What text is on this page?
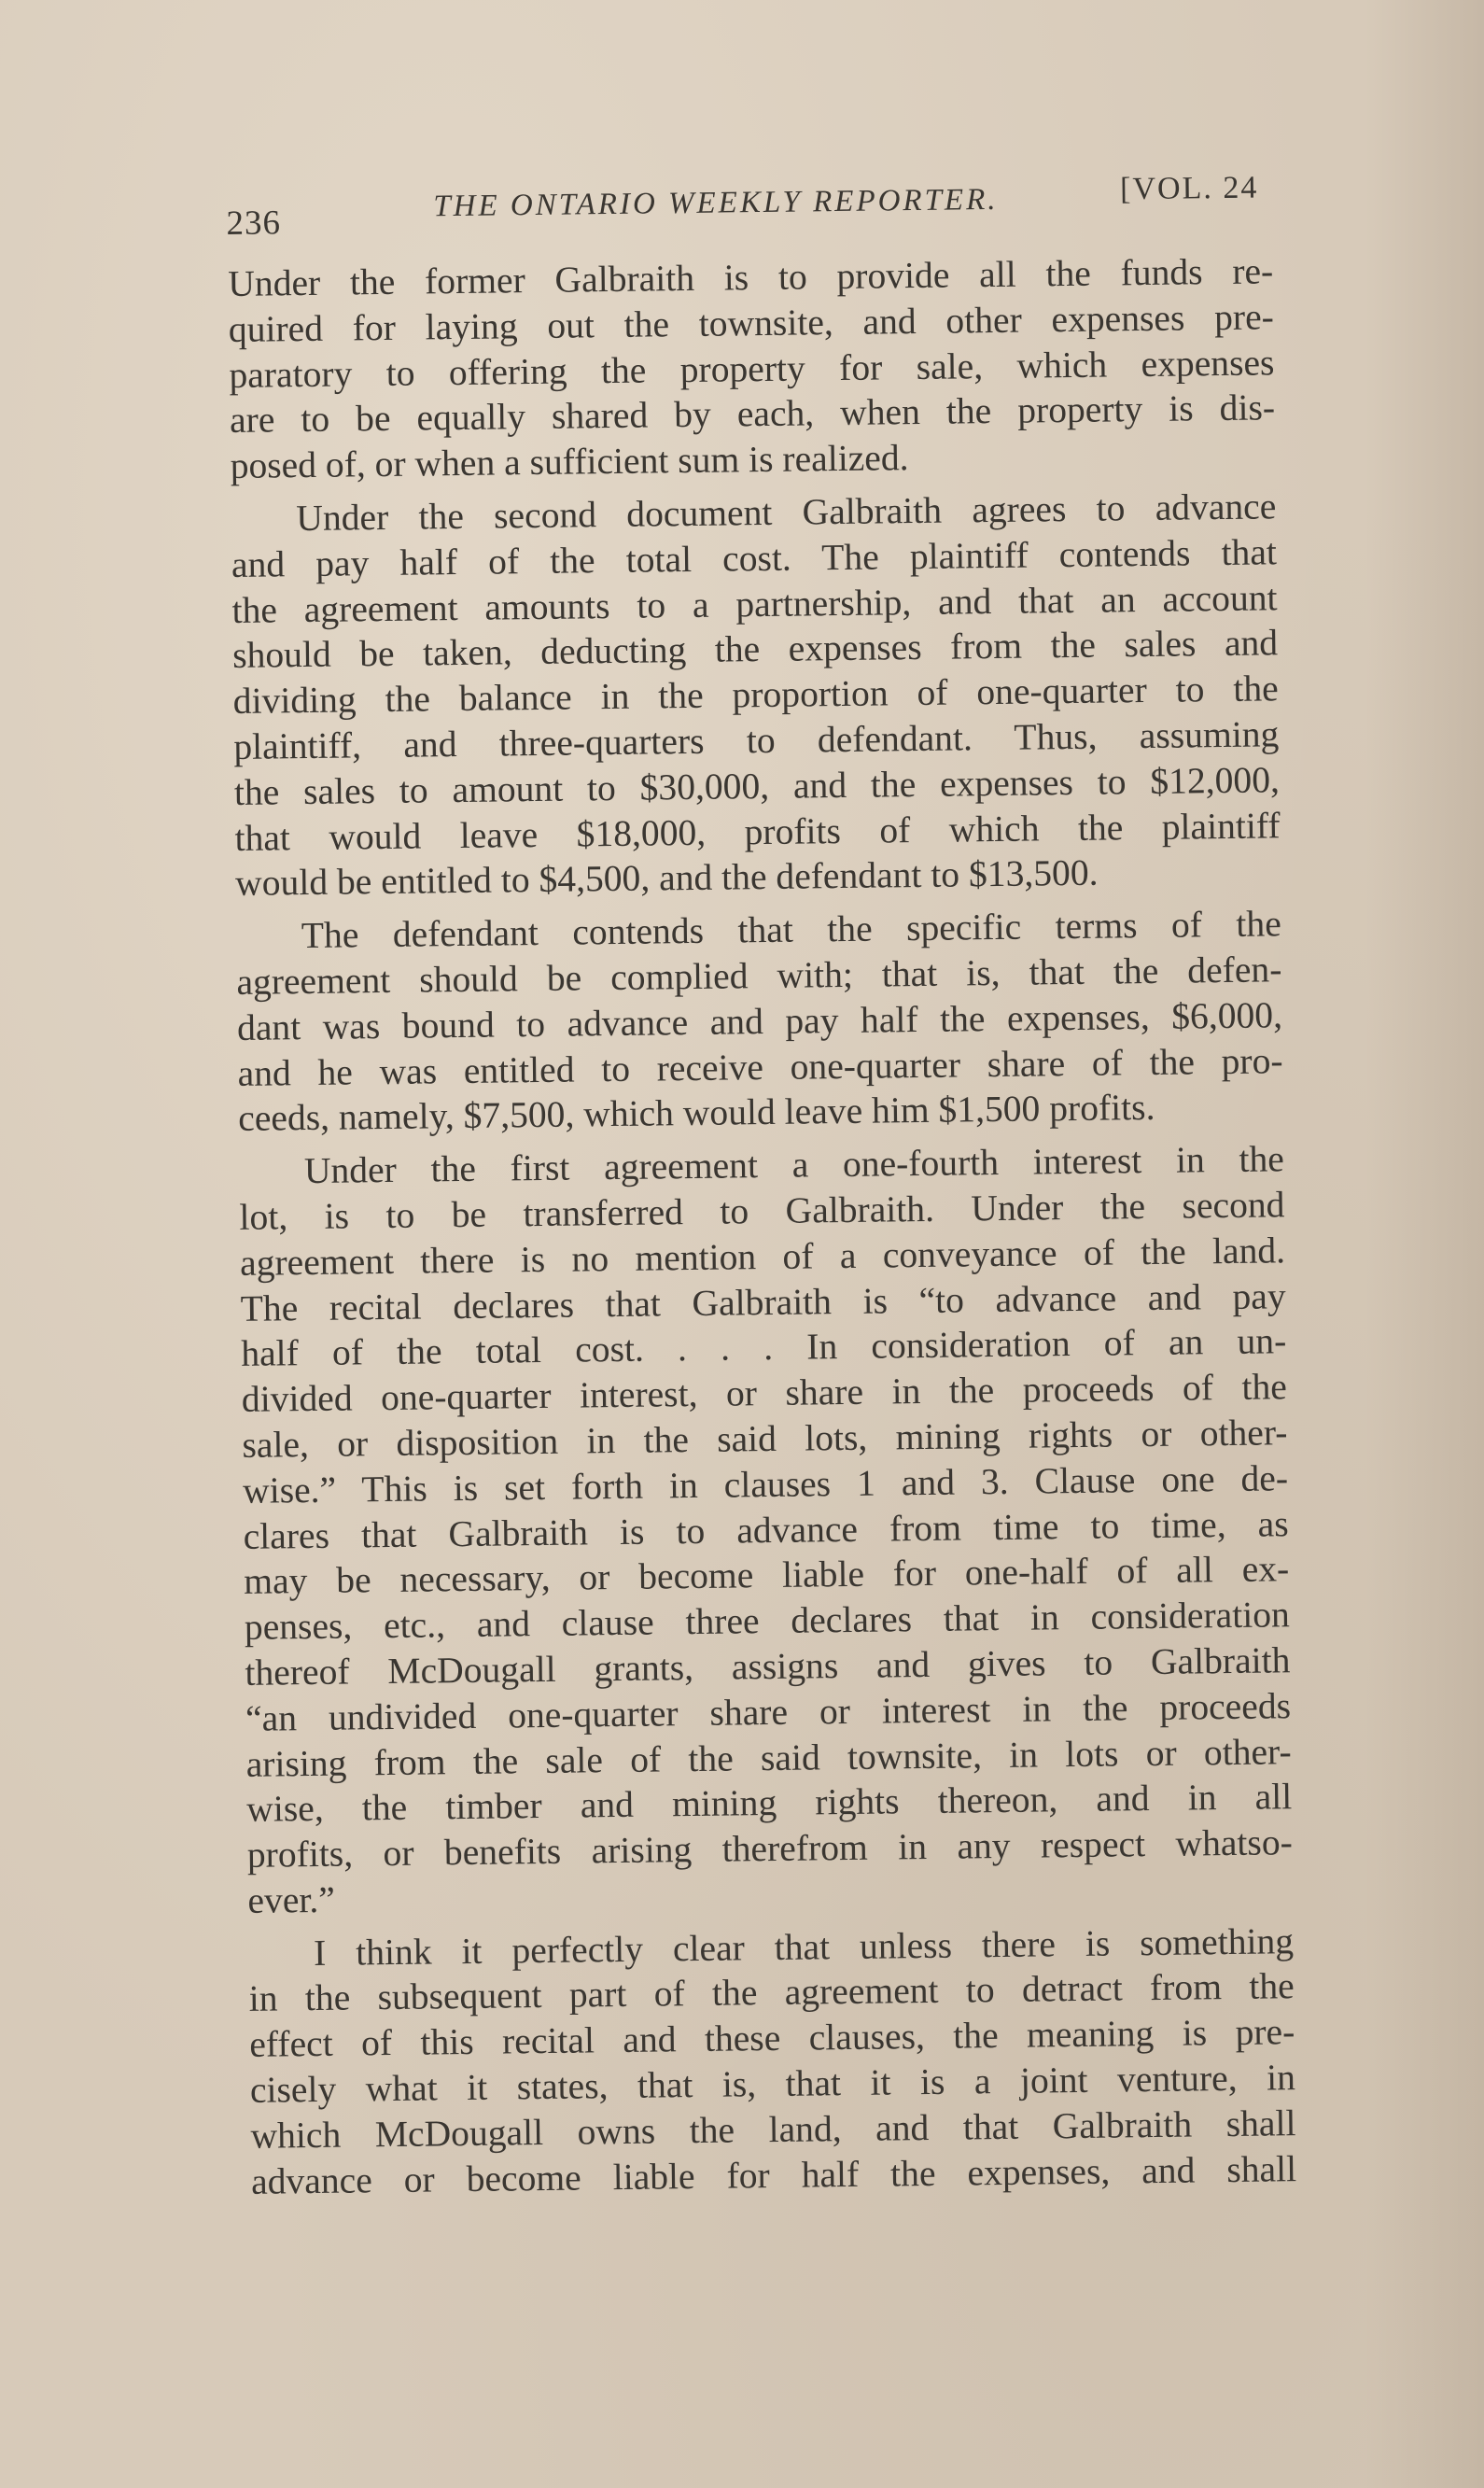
236	THE ONTARIO WEEKLY REPORTER.	[VOL. 24
Under the former Galbraith is to provide all the funds re-
quired for laying out the townsite, and other expenses pre-
paratory to offering the property for sale, which expenses
are to be equally shared by each, when the property is dis-
posed of, or when a sufficient sum is realized.
Under the second document Galbraith agrees to advance
and pay half of the total cost. The plaintiff contends that
the agreement amounts to a partnership, and that an account
should be taken, deducting the expenses from the sales and
dividing the balance in the proportion of one-quarter to the
plaintiff, and three-quarters to defendant. Thus, assuming
the sales to amount to $30,000, and the expenses to $12,000,
that would leave $18,000, profits of which the plaintiff
would be entitled to $4,500, and the defendant to $13,500.
The defendant contends that the specific terms of the
agreement should be complied with; that is, that the defen-
dant was bound to advance and pay half the expenses, $6,000,
and he was entitled to receive one-quarter share of the pro-
ceeds, namely, $7,500, which would leave him $1,500 profits.
Under the first agreement a one-fourth interest in the
lot, is to be transferred to Galbraith. Under the second
agreement there is no mention of a conveyance of the land.
The recital declares that Galbraith is “to advance and pay
half of the total cost. . . . In consideration of an un-
divided one-quarter interest, or share in the proceeds of the
sale, or disposition in the said lots, mining rights or other-
wise.” This is set forth in clauses 1 and 3. Clause one de-
clares that Galbraith is to advance from time to time, as
may be necessary, or become liable for one-half of all ex-
penses, etc., and clause three declares that in consideration
thereof McDougall grants, assigns and gives to Galbraith
“an undivided one-quarter share or interest in the proceeds
arising from the sale of the said townsite, in lots or other-
wise, the timber and mining rights thereon, and in all
profits, or benefits arising therefrom in any respect whatso-
ever.”
I think it perfectly clear that unless there is something
in the subsequent part of the agreement to detract from the
effect of this recital and these clauses, the meaning is pre-
cisely what it states, that is, that it is a joint venture, in
which McDougall owns the land, and that Galbraith shall
advance or become liable for half the expenses, and shall
